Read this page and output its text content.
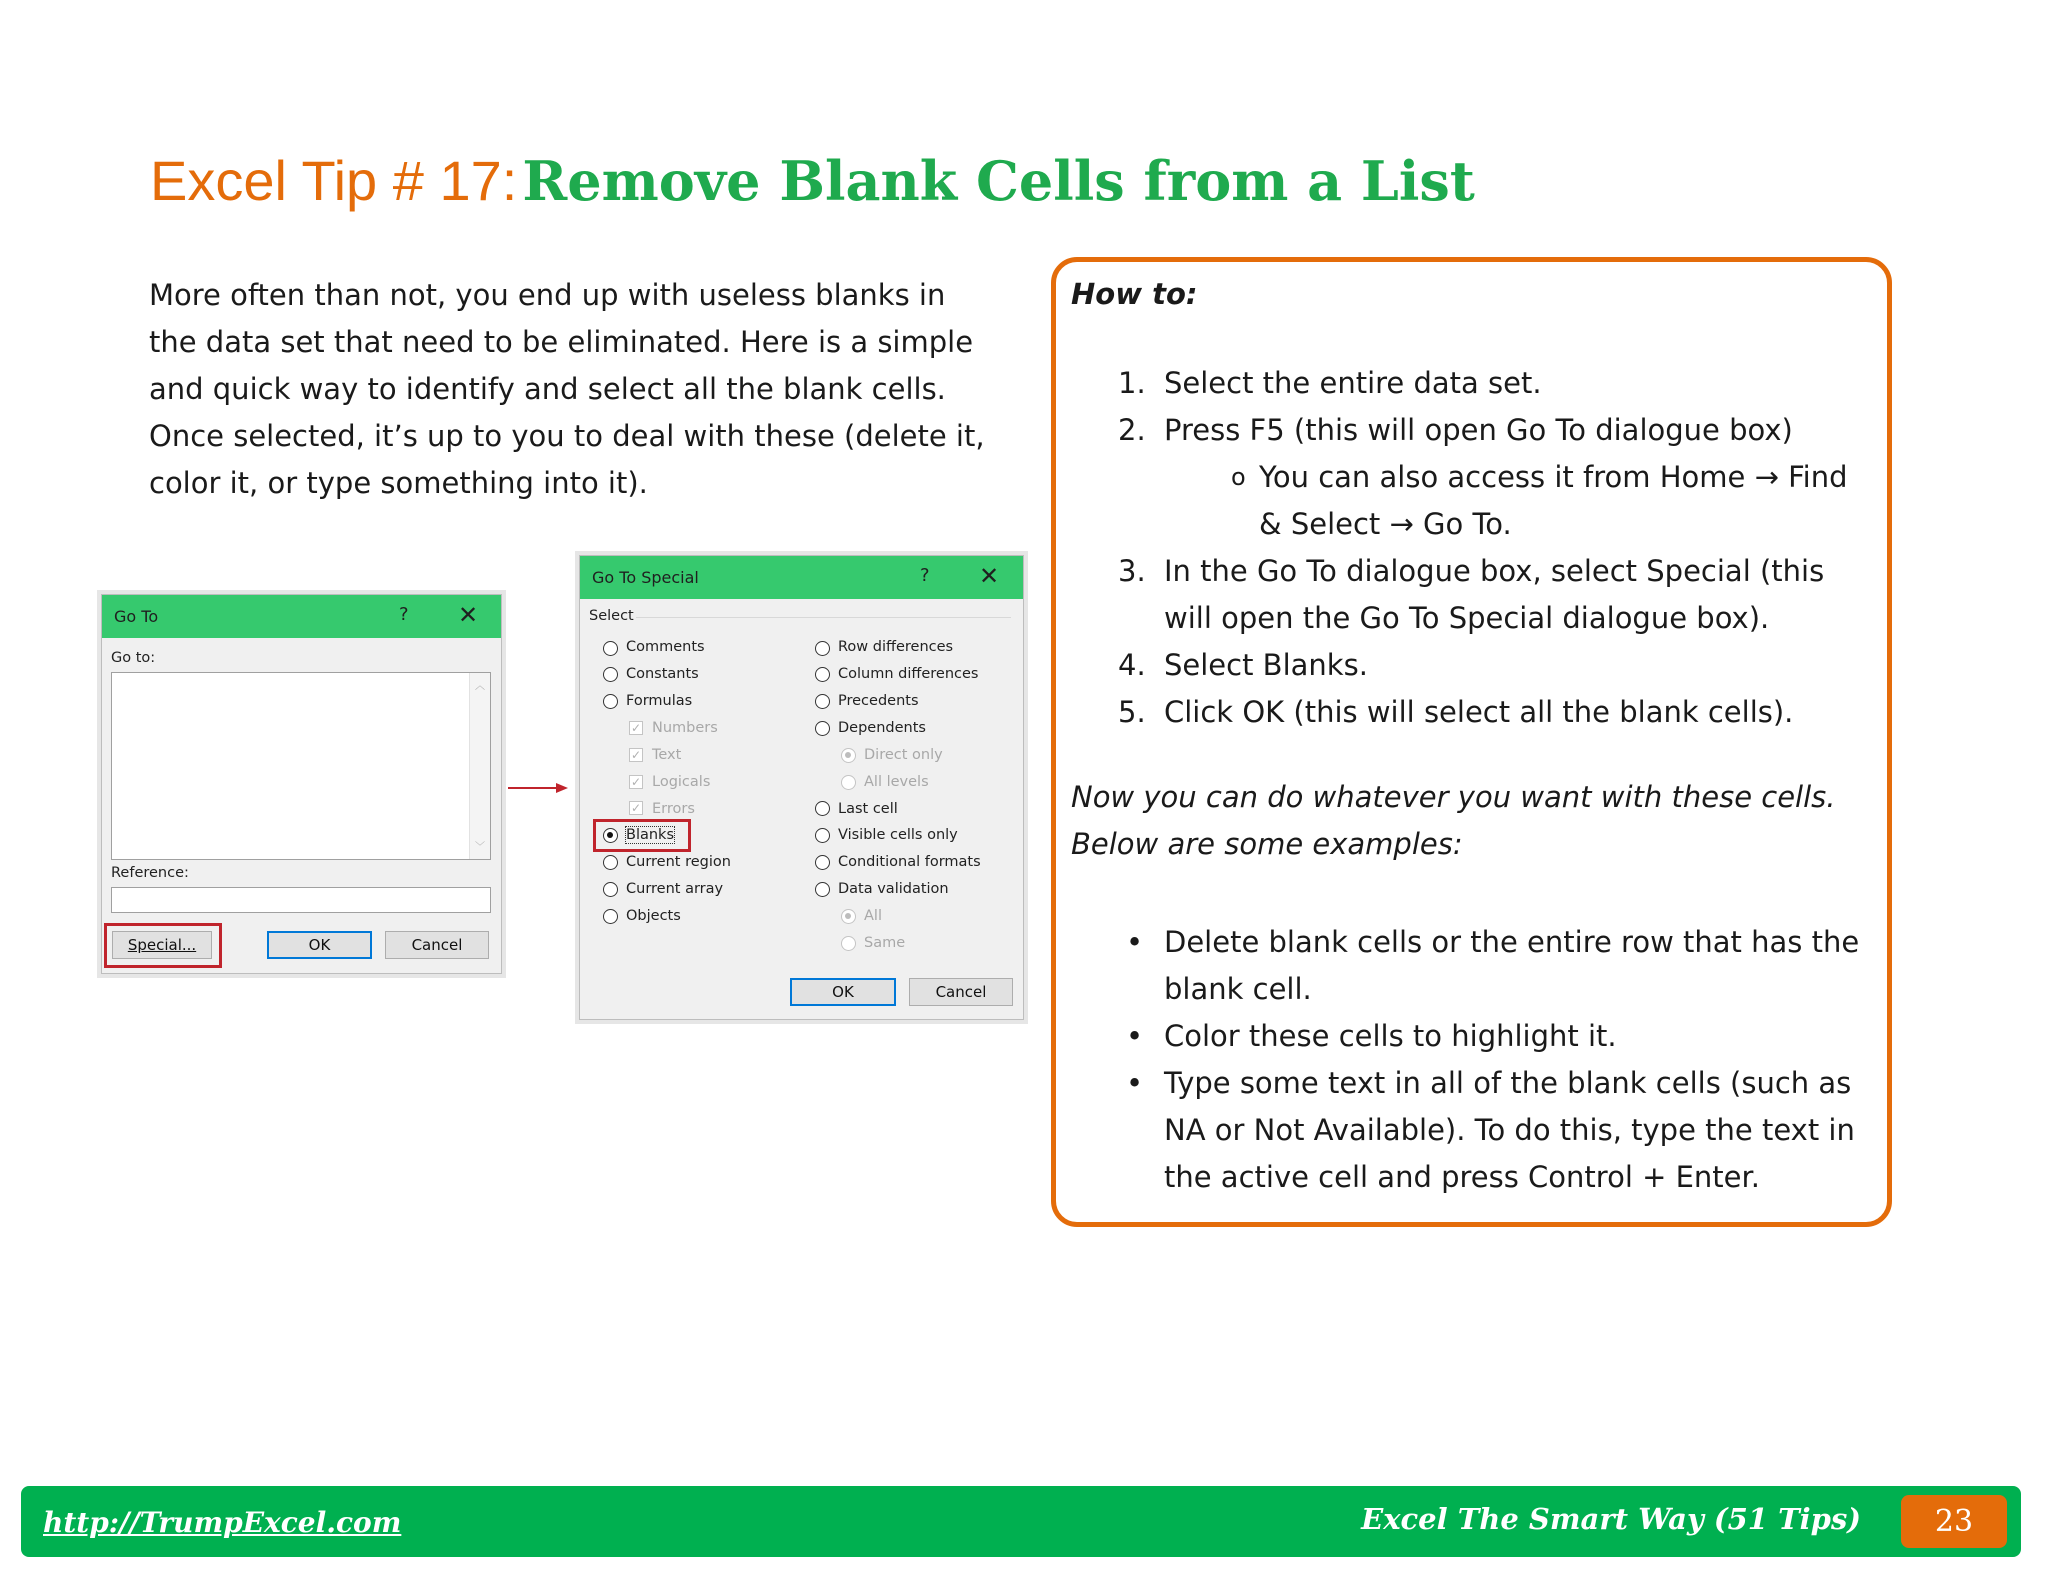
Excel Tip # 17: Remove Blank Cells from a List
More often than not, you end up with useless blanks in the data set that need to be eliminated. Here is a simple and quick way to identify and select all the blank cells. Once selected, it’s up to you to deal with these (delete it, color it, or type something into it).
Go To	? ✕
Go to:
︿
﹀
Reference:
Special...	OK	Cancel
Go To Special	? ✕
Select
Comments
Constants
Formulas
✓ Numbers
✓ Text
✓ Logicals
✓ Errors
Blanks
Current region
Current array
Objects
Row differences
Column differences
Precedents
Dependents
Direct only
All levels
Last cell
Visible cells only
Conditional formats
Data validation
All
Same
OK	Cancel
How to:
1. Select the entire data set.
2. Press F5 (this will open Go To dialogue box)
o You can also access it from Home → Find & Select → Go To.
3. In the Go To dialogue box, select Special (this will open the Go To Special dialogue box).
4. Select Blanks.
5. Click OK (this will select all the blank cells).
Now you can do whatever you want with these cells. Below are some examples:
• Delete blank cells or the entire row that has the blank cell.
• Color these cells to highlight it.
• Type some text in all of the blank cells (such as NA or Not Available). To do this, type the text in the active cell and press Control + Enter.
http://TrumpExcel.com	Excel The Smart Way (51 Tips)	23
